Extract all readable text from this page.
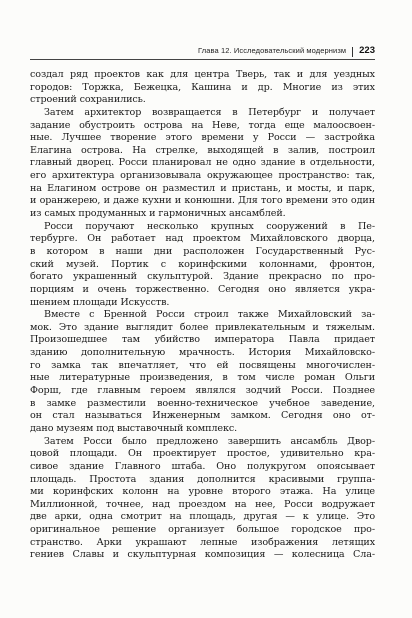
Глава 12. Исследовательский модернизм 223
создал ряд проектов как для центра Тверь, так и для уездных
городов: Торжка, Бежецка, Кашина и др. Многие из этих
строений сохранились.
Затем архитектор возвращается в Петербург и получает
задание обустроить острова на Неве, тогда еще малоосвоен-
ные. Лучшее творение этого времени у Росси — застройка
Елагина острова. На стрелке, выходящей в залив, построил
главный дворец. Росси планировал не одно здание в отдельности,
его архитектура организовывала окружающее пространство: так,
на Елагином острове он разместил и пристань, и мосты, и парк,
и оранжерею, и даже кухни и конюшни. Для того времени это один
из самых продуманных и гармоничных ансамблей.
Росси поручают несколько крупных сооружений в Пе-
тербурге. Он работает над проектом Михайловского дворца,
в котором в наши дни расположен Государственный Рус-
ский музей. Портик с коринфскими колоннами, фронтон,
богато украшенный скульптурой. Здание прекрасно по про-
порциям и очень торжественно. Сегодня оно является укра-
шением площади Искусств.
Вместе с Бренной Росси строил также Михайловский за-
мок. Это здание выглядит более привлекательным и тяжелым.
Произошедшее там убийство императора Павла придает
зданию дополнительную мрачность. История Михайловско-
го замка так впечатляет, что ей посвящены многочислен-
ные литературные произведения, в том числе роман Ольги
Форш, где главным героем являлся зодчий Росси. Позднее
в замке разместили военно-техническое учебное заведение,
он стал называться Инженерным замком. Сегодня оно от-
дано музеям под выставочный комплекс.
Затем Росси было предложено завершить ансамбль Двор-
цовой площади. Он проектирует простое, удивительно кра-
сивое здание Главного штаба. Оно полукругом опоясывает
площадь. Простота здания дополнится красивыми группа-
ми коринфских колонн на уровне второго этажа. На улице
Миллионной, точнее, над проездом на нее, Росси водружает
две арки, одна смотрит на площадь, другая — к улице. Это
оригинальное решение организует большое городское про-
странство. Арки украшают лепные изображения летящих
гениев Славы и скульптурная композиция — колесница Сла-
